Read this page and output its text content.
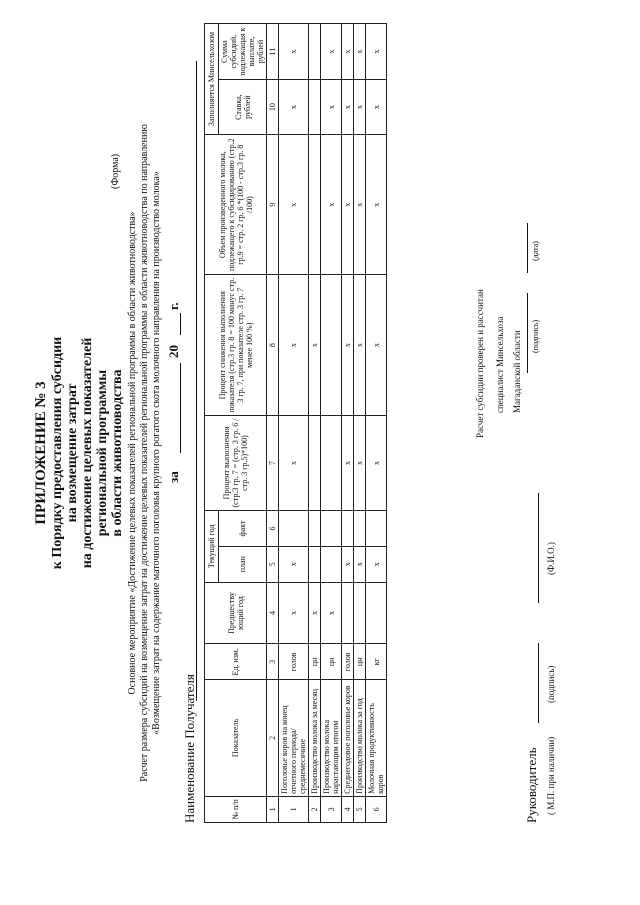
ПРИЛОЖЕНИЕ № 3 к Порядку предоставления субсидии на возмещение затрат на достижение целевых показателей региональной программы в области животноводства
(Форма)
Основное мероприятие «Достижение целевых показателей региональной программы в области животноводства» Расчет размера субсидий на возмещение затрат на достижение целевых показателей региональной программы в области животноводства по направлению «Возмещение затрат на содержание маточного поголовья крупного рогатого скота молочного направления на производство молока» за
20
г.
Наименование Получателя	№ п/п	Показатель	Ед. изм.	Предшеству ющий год	Текущий год		Процент выполнения (стр.3 гр. 7 = (стр. 3 гр. 6 / стр. 3 гр.5)*100)	Процент снижения выполнения показателя (стр.3 гр. 8 = 100 минус стр. 3 гр. 7, при показателе стр. 3 гр. 7 менее 100 %)	Объем произведенного молока, подлежащего к субсидированию (стр.2 гр.9 = стр. 2 гр. 6 *(100 - стр.3 гр. 8 /100)	Заполняется Минсельхозом	
				план	факт				Ставка, рублей	Сумма субсидий, подлежащая к выплате, рублей
1	2	3	4	5	6	7	8	9	10	11
1	Поголовье коров на конец отчетного периода/ среднемесячное	голов	x	x		x	x	x	x	x
2	Производство молока за месяц	цн	x				x			
3	Производство молока нарастающим итогом	цн	x					x	x	x
4	Среднегодовое поголовье коров	голов		x		x	x	x	x	x
5	Производство молока за год	цн		x		x	x	x	x	x
6	Молочная продуктивность коров	кг		x		x	x	x	x	x
Расчет субсидии проверен и рассчитан специалист Минсельхоза Магаданской области (подпись)
(дата)
Руководитель ( М.П. при наличии)
(подпись)
(Ф.И.О.)
